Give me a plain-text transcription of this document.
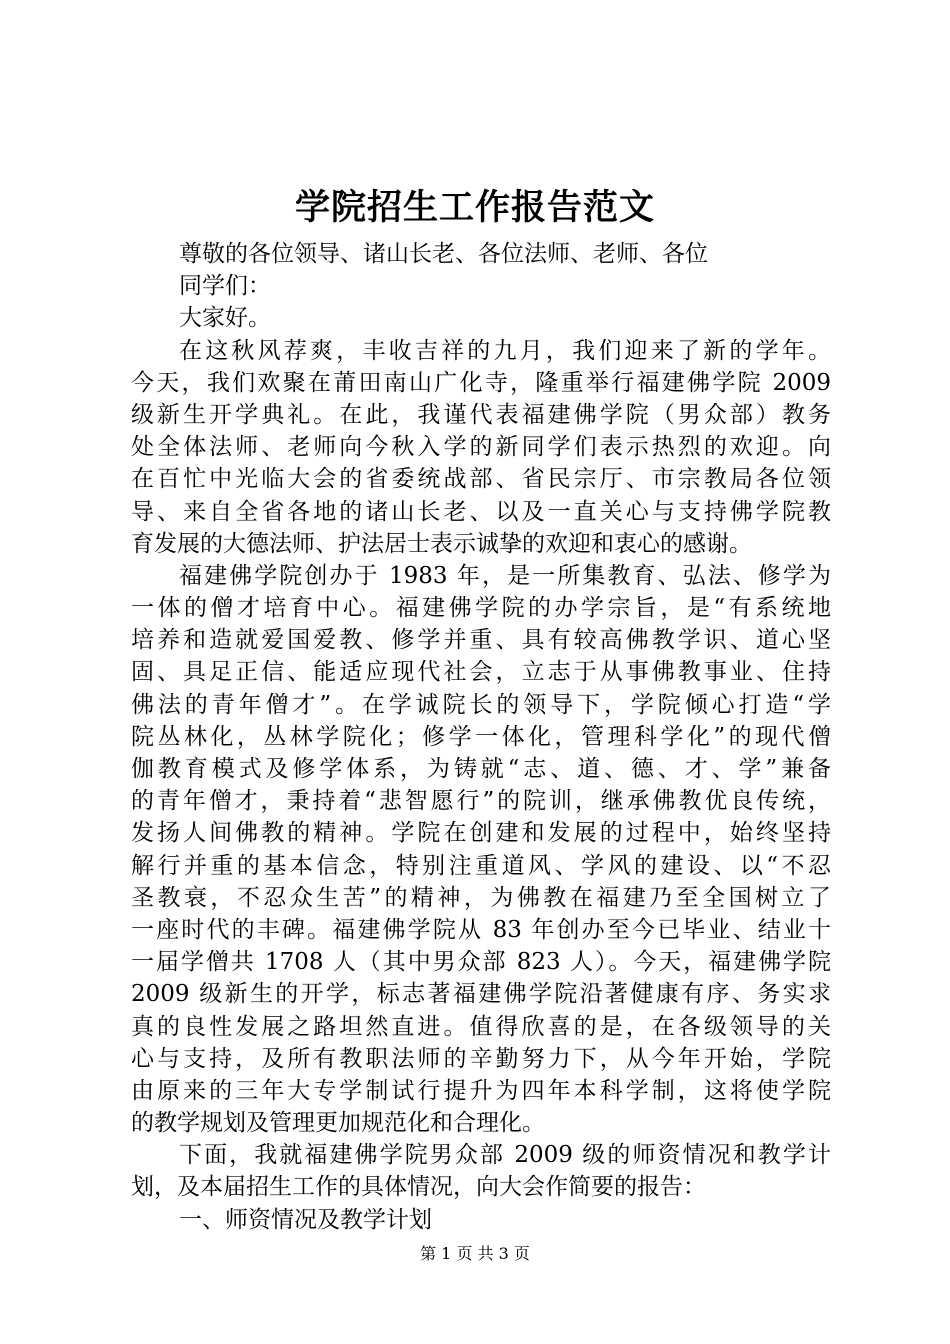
学院招生工作报告范文
尊敬的各位领导、诸山长老、各位法师、老师、各位
同学们：
大家好。
在这秋风荐爽，丰收吉祥的九月，我们迎来了新的学年。
今天，我们欢聚在莆田南山广化寺，隆重举行福建佛学院 2009
级新生开学典礼。在此，我谨代表福建佛学院（男众部）教务
处全体法师、老师向今秋入学的新同学们表示热烈的欢迎。向
在百忙中光临大会的省委统战部、省民宗厅、市宗教局各位领
导、来自全省各地的诸山长老、以及一直关心与支持佛学院教
育发展的大德法师、护法居士表示诚挚的欢迎和衷心的感谢。
福建佛学院创办于 1983 年，是一所集教育、弘法、修学为
一体的僧才培育中心。福建佛学院的办学宗旨，是“有系统地
培养和造就爱国爱教、修学并重、具有较高佛教学识、道心坚
固、具足正信、能适应现代社会，立志于从事佛教事业、住持
佛法的青年僧才”。在学诚院长的领导下，学院倾心打造“学
院丛林化，丛林学院化；修学一体化，管理科学化”的现代僧
伽教育模式及修学体系，为铸就“志、道、德、才、学”兼备
的青年僧才，秉持着“悲智愿行”的院训，继承佛教优良传统，
发扬人间佛教的精神。学院在创建和发展的过程中，始终坚持
解行并重的基本信念，特别注重道风、学风的建设、以“不忍
圣教衰，不忍众生苦”的精神，为佛教在福建乃至全国树立了
一座时代的丰碑。福建佛学院从 83 年创办至今已毕业、结业十
一届学僧共 1708 人（其中男众部 823 人）。今天，福建佛学院
2009 级新生的开学，标志著福建佛学院沿著健康有序、务实求
真的良性发展之路坦然直进。值得欣喜的是，在各级领导的关
心与支持，及所有教职法师的辛勤努力下，从今年开始，学院
由原来的三年大专学制试行提升为四年本科学制，这将使学院
的教学规划及管理更加规范化和合理化。
下面，我就福建佛学院男众部 2009 级的师资情况和教学计
划，及本届招生工作的具体情况，向大会作简要的报告：
一、师资情况及教学计划
第 1 页 共 3 页
